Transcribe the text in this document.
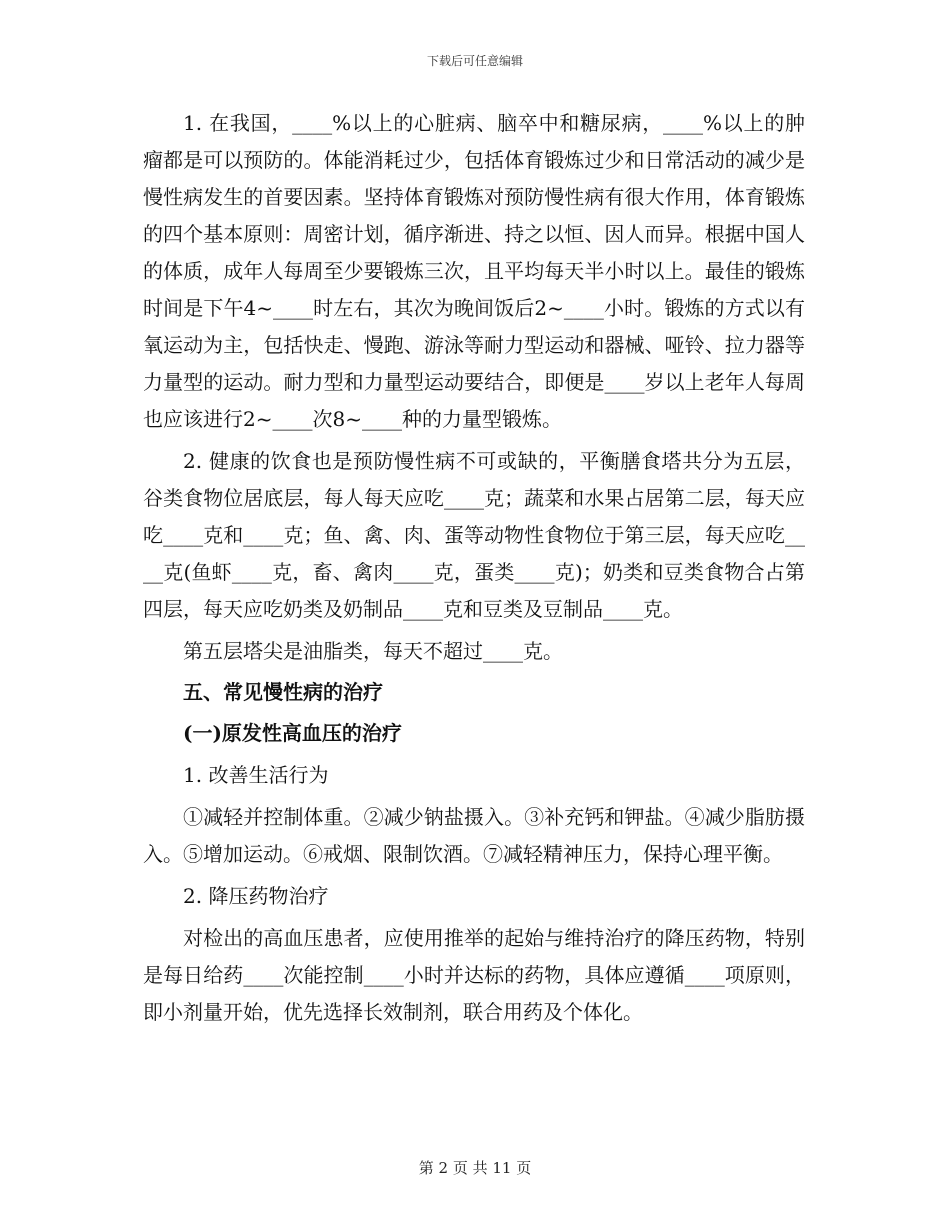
下载后可任意编辑

1. 在我国，____%以上的心脏病、脑卒中和糖尿病，____%以上的肿瘤都是可以预防的。体能消耗过少，包括体育锻炼过少和日常活动的减少是慢性病发生的首要因素。坚持体育锻炼对预防慢性病有很大作用，体育锻炼的四个基本原则：周密计划，循序渐进、持之以恒、因人而异。根据中国人的体质，成年人每周至少要锻炼三次，且平均每天半小时以上。最佳的锻炼时间是下午4~____时左右，其次为晚间饭后2~____小时。锻炼的方式以有氧运动为主，包括快走、慢跑、游泳等耐力型运动和器械、哑铃、拉力器等力量型的运动。耐力型和力量型运动要结合，即便是____岁以上老年人每周也应该进行2~____次8~____种的力量型锻炼。

2. 健康的饮食也是预防慢性病不可或缺的，平衡膳食塔共分为五层，谷类食物位居底层，每人每天应吃____克；蔬菜和水果占居第二层，每天应吃____克和____克；鱼、禽、肉、蛋等动物性食物位于第三层，每天应吃____克(鱼虾____克，畜、禽肉____克，蛋类____克)；奶类和豆类食物合占第四层，每天应吃奶类及奶制品____克和豆类及豆制品____克。

第五层塔尖是油脂类，每天不超过____克。

五、常见慢性病的治疗

(一)原发性高血压的治疗

1. 改善生活行为

①减轻并控制体重。②减少钠盐摄入。③补充钙和钾盐。④减少脂肪摄入。⑤增加运动。⑥戒烟、限制饮酒。⑦减轻精神压力，保持心理平衡。

2. 降压药物治疗

对检出的高血压患者，应使用推举的起始与维持治疗的降压药物，特别是每日给药____次能控制____小时并达标的药物，具体应遵循____项原则，即小剂量开始，优先选择长效制剂，联合用药及个体化。

第 2 页 共 11 页
